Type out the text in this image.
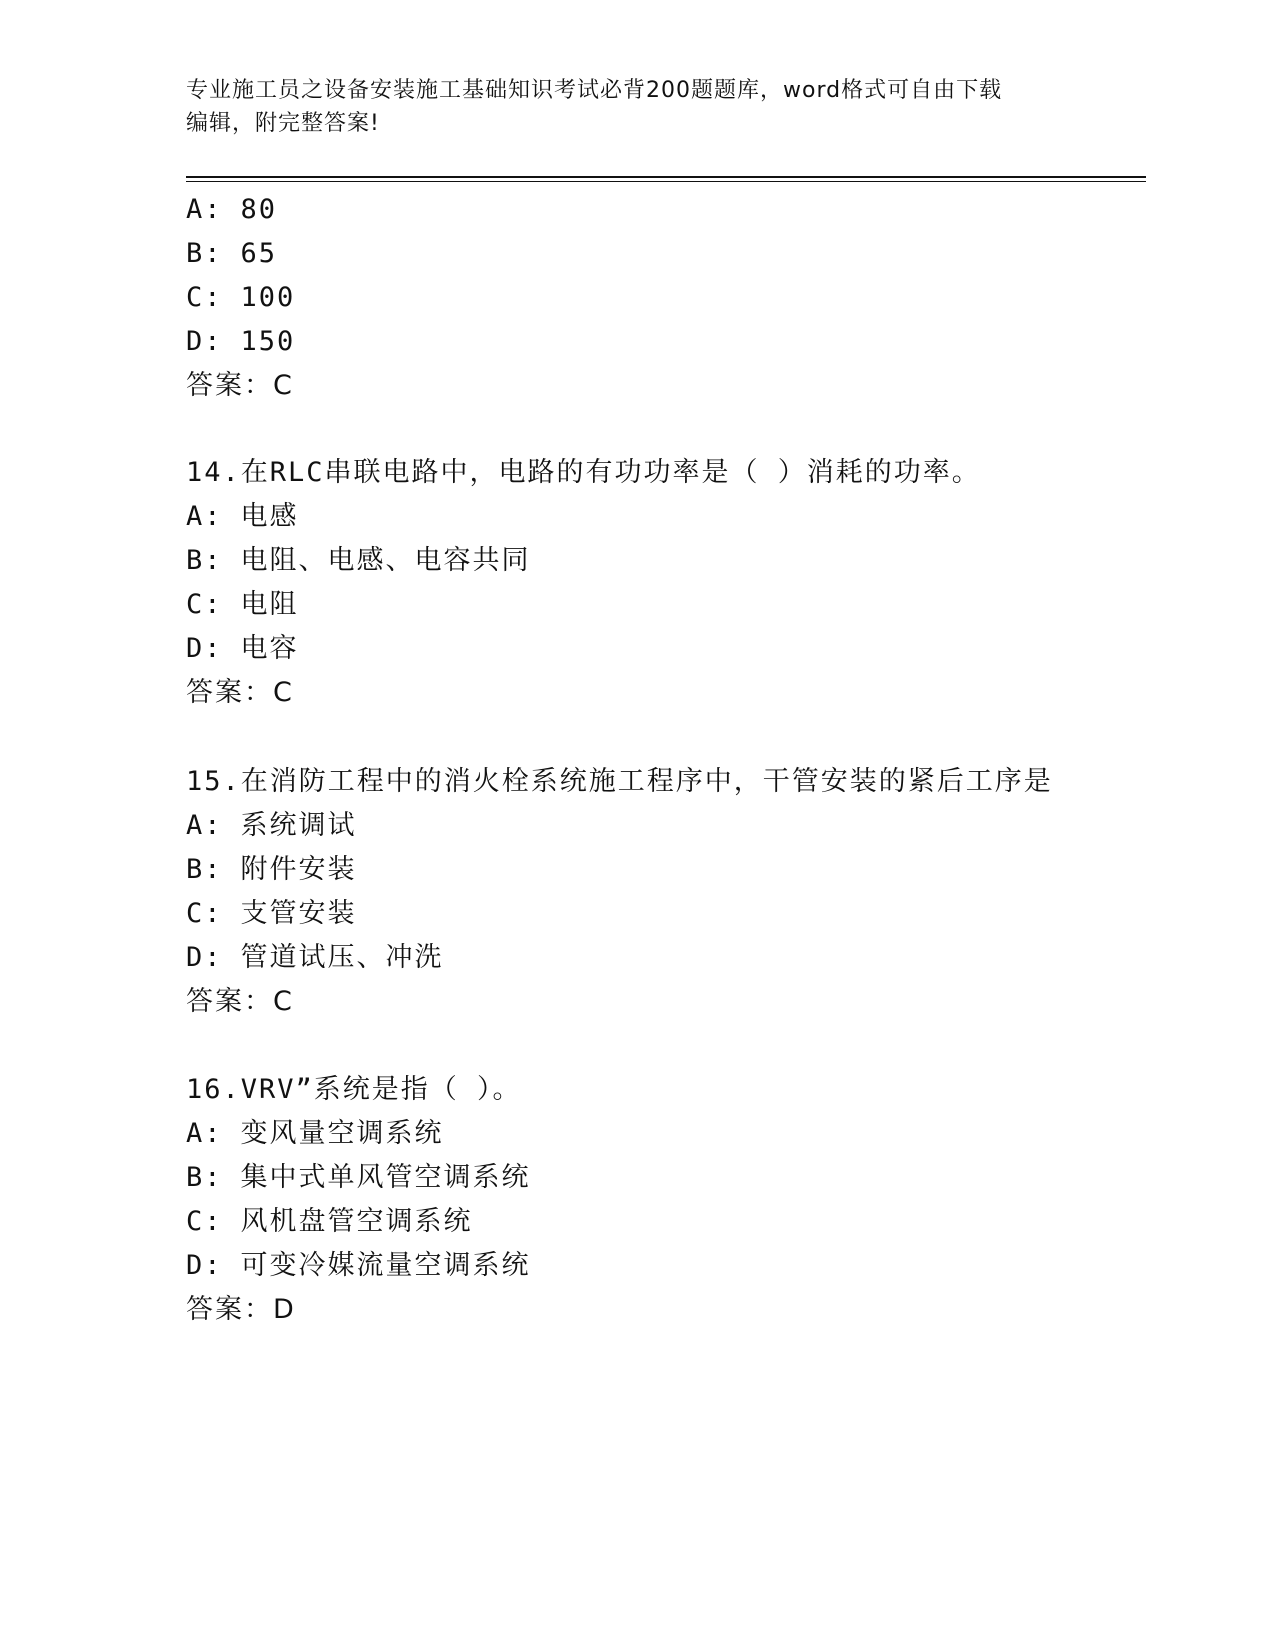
专业施工员之设备安装施工基础知识考试必背200题题库，word格式可自由下载
编辑，附完整答案!
A: 80
B: 65
C: 100
D: 150
答案：C
14.在RLC串联电路中，电路的有功功率是（ ）消耗的功率。
A: 电感
B: 电阻、电感、电容共同
C: 电阻
D: 电容
答案：C
15.在消防工程中的消火栓系统施工程序中，干管安装的紧后工序是
A: 系统调试
B: 附件安装
C: 支管安装
D: 管道试压、冲洗
答案：C
16.VRV”系统是指（ ）。
A: 变风量空调系统
B: 集中式单风管空调系统
C: 风机盘管空调系统
D: 可变冷媒流量空调系统
答案：D
